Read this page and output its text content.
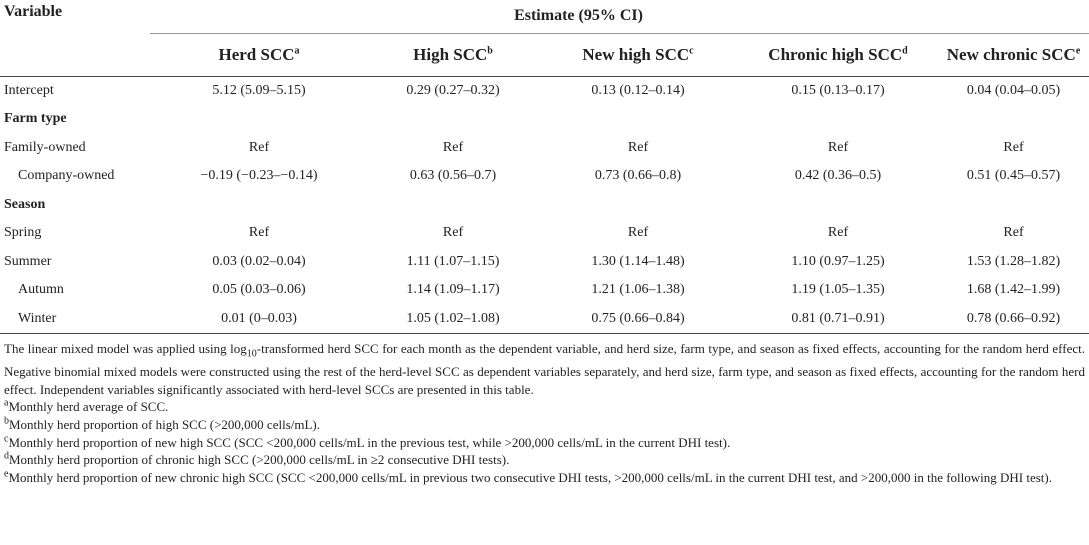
Variable	Estimate (95% CI)				
	Herd SCC$^a$	High SCC$^b$	New high SCC$^c$	Chronic high SCC$^d$	New chronic SCC$^e$
Intercept	5.12 (5.09–5.15)	0.29 (0.27–0.32)	0.13 (0.12–0.14)	0.15 (0.13–0.17)	0.04 (0.04–0.05)
Farm type					
Family-owned	Ref	Ref	Ref	Ref	Ref
Company-owned	−0.19 (−0.23–−0.14)	0.63 (0.56–0.7)	0.73 (0.66–0.8)	0.42 (0.36–0.5)	0.51 (0.45–0.57)
Season					
Spring	Ref	Ref	Ref	Ref	Ref
Summer	0.03 (0.02–0.04)	1.11 (1.07–1.15)	1.30 (1.14–1.48)	1.10 (0.97–1.25)	1.53 (1.28–1.82)
Autumn	0.05 (0.03–0.06)	1.14 (1.09–1.17)	1.21 (1.06–1.38)	1.19 (1.05–1.35)	1.68 (1.42–1.99)
Winter	0.01 (0–0.03)	1.05 (1.02–1.08)	0.75 (0.66–0.84)	0.81 (0.71–0.91)	0.78 (0.66–0.92)

The linear mixed model was applied using $\log_{10}$-transformed herd SCC for each month as the dependent variable, and herd size, farm type, and season as fixed effects, accounting for the random herd effect. Negative binomial mixed models were constructed using the rest of the herd-level SCC as dependent variables separately, and herd size, farm type, and season as fixed effects, accounting for the random herd effect. Independent variables significantly associated with herd-level SCCs are presented in this table.

$^a$Monthly herd average of SCC.

$^b$Monthly herd proportion of high SCC (>200,000 cells/mL).

$^c$Monthly herd proportion of new high SCC (SCC <200,000 cells/mL in the previous test, while >200,000 cells/mL in the current DHI test).

$^d$Monthly herd proportion of chronic high SCC (>200,000 cells/mL in ≥2 consecutive DHI tests).

$^e$Monthly herd proportion of new chronic high SCC (SCC <200,000 cells/mL in previous two consecutive DHI tests, >200,000 cells/mL in the current DHI test, and >200,000 in the following DHI test).
